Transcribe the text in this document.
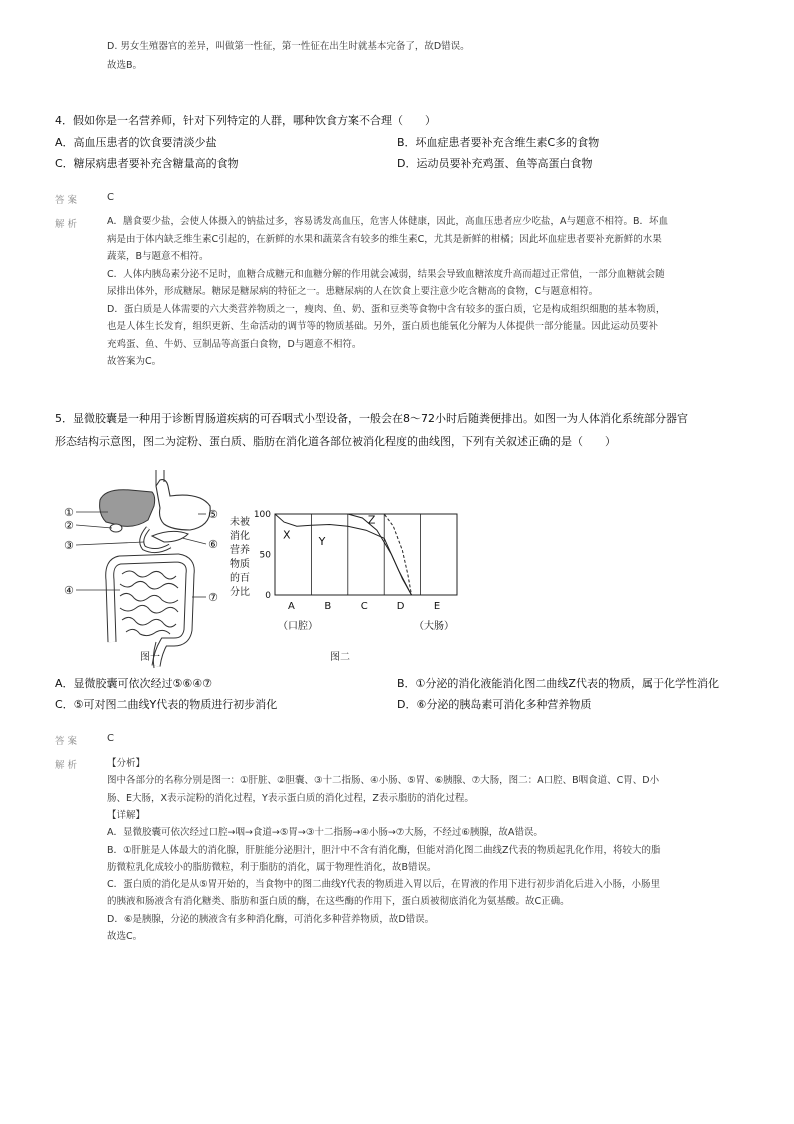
D. 男女生殖器官的差异，叫做第一性征，第一性征在出生时就基本完备了，故D错误。
故选B。
4．假如你是一名营养师，针对下列特定的人群，哪种饮食方案不合理（　　）
A．高血压患者的饮食要清淡少盐	B．坏血症患者要补充含维生素C多的食物
C．糖尿病患者要补充含糖量高的食物	D．运动员要补充鸡蛋、鱼等高蛋白食物
答案	C
解析	A．膳食要少盐，会使人体摄入的钠盐过多，容易诱发高血压，危害人体健康，因此，高血压患者应少吃盐，A与题意不相符。B．坏血
病是由于体内缺乏维生素C引起的，在新鲜的水果和蔬菜含有较多的维生素C，尤其是新鲜的柑橘；因此坏血症患者要补充新鲜的水果
蔬菜，B与题意不相符。
C．人体内胰岛素分泌不足时，血糖合成糖元和血糖分解的作用就会减弱，结果会导致血糖浓度升高而超过正常值，一部分血糖就会随
尿排出体外，形成糖尿。糖尿是糖尿病的特征之一。患糖尿病的人在饮食上要注意少吃含糖高的食物，C与题意相符。
D．蛋白质是人体需要的六大类营养物质之一，瘦肉、鱼、奶、蛋和豆类等食物中含有较多的蛋白质，它是构成组织细胞的基本物质，
也是人体生长发育，组织更新、生命活动的调节等的物质基础。另外，蛋白质也能氧化分解为人体提供一部分能量。因此运动员要补
充鸡蛋、鱼、牛奶、豆制品等高蛋白食物，D与题意不相符。
故答案为C。
5．显微胶囊是一种用于诊断胃肠道疾病的可吞咽式小型设备，一般会在8～72小时后随粪便排出。如图一为人体消化系统部分器官
形态结构示意图，图二为淀粉、蛋白质、脂肪在消化道各部位被消化程度的曲线图，下列有关叙述正确的是（　　）
①
②
③
④
⑤
⑥
⑦
图一
未被
消化
营养
物质
的百
分比 0
50
100
X	Y
Z
A	B	C	D	E
（口腔）	（大肠）
图二
A．显微胶囊可依次经过⑤⑥④⑦	B．①分泌的消化液能消化图二曲线Z代表的物质，属于化学性消化
C．⑤可对图二曲线Y代表的物质进行初步消化	D．⑥分泌的胰岛素可消化多种营养物质
答案	C
解析	【分析】
图中各部分的名称分别是图一：①肝脏、②胆囊、③十二指肠、④小肠、⑤胃、⑥胰腺、⑦大肠，图二：A口腔、B咽食道、C胃、D小
肠、E大肠，X表示淀粉的消化过程，Y表示蛋白质的消化过程，Z表示脂肪的消化过程。
【详解】
A．显微胶囊可依次经过口腔→咽→食道→⑤胃→③十二指肠→④小肠→⑦大肠，不经过⑥胰腺，故A错误。
B．①肝脏是人体最大的消化腺，肝脏能分泌胆汁，胆汁中不含有消化酶，但能对消化图二曲线Z代表的物质起乳化作用，将较大的脂
肪微粒乳化成较小的脂肪微粒，利于脂肪的消化，属于物理性消化，故B错误。
C．蛋白质的消化是从⑤胃开始的，当食物中的图二曲线Y代表的物质进入胃以后，在胃液的作用下进行初步消化后进入小肠，小肠里
的胰液和肠液含有消化糖类、脂肪和蛋白质的酶，在这些酶的作用下，蛋白质被彻底消化为氨基酸。故C正确。
D．⑥是胰腺，分泌的胰液含有多种消化酶，可消化多种营养物质，故D错误。
故选C。
